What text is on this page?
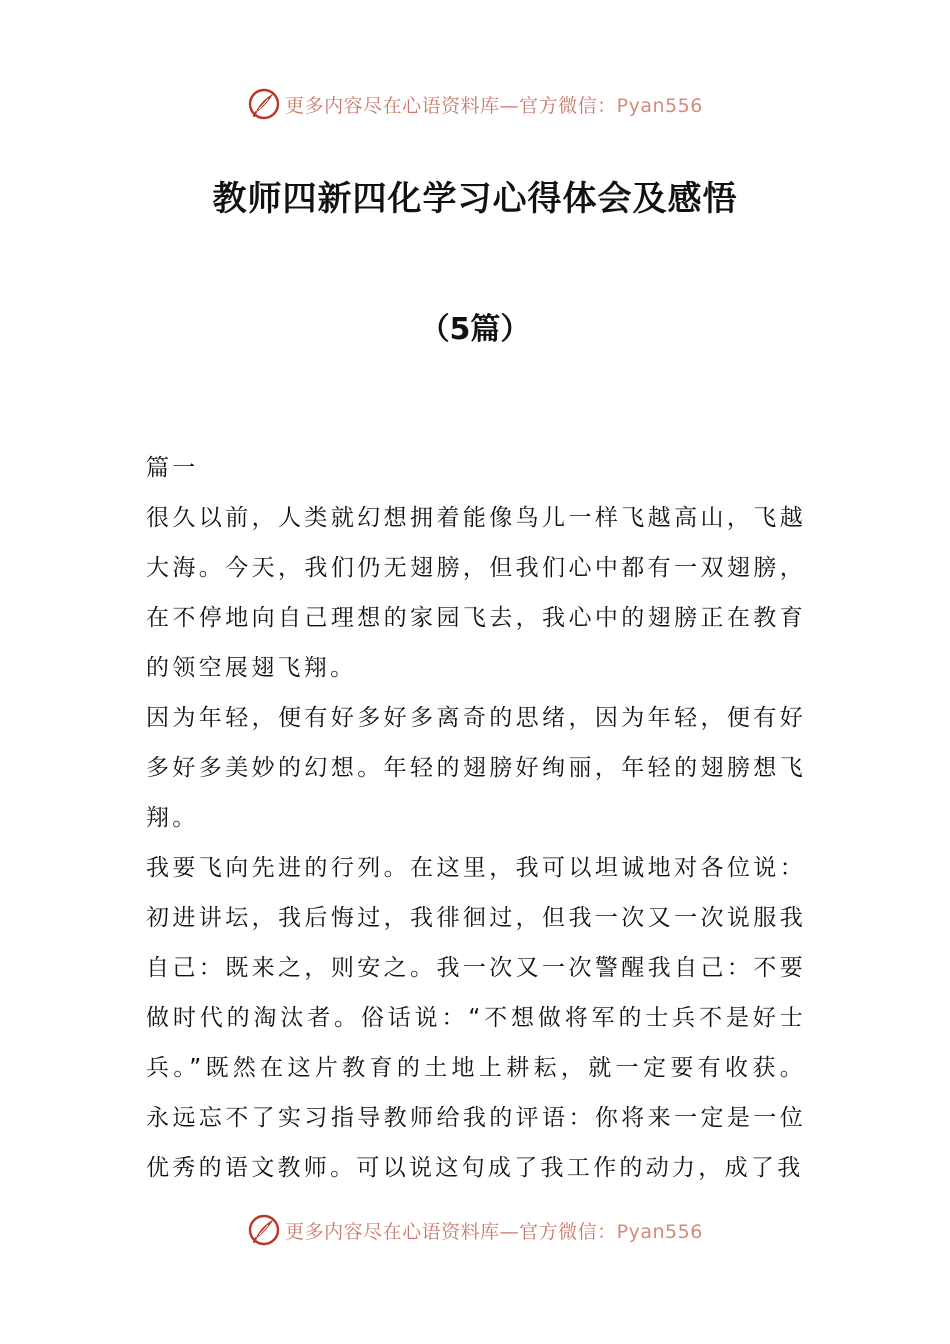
更多内容尽在心语资料库—官方微信：Pyan556
教师四新四化学习心得体会及感悟
（5篇）

篇一

很久以前，人类就幻想拥着能像鸟儿一样飞越高山，飞越大海。今天，我们仍无翅膀，但我们心中都有一双翅膀，在不停地向自己理想的家园飞去，我心中的翅膀正在教育的领空展翅飞翔。

因为年轻，便有好多好多离奇的思绪，因为年轻，便有好多好多美妙的幻想。年轻的翅膀好绚丽，年轻的翅膀想飞翔。

我要飞向先进的行列。在这里，我可以坦诚地对各位说：初进讲坛，我后悔过，我徘徊过，但我一次又一次说服我自己：既来之，则安之。我一次又一次警醒我自己：不要做时代的淘汰者。俗话说：“不想做将军的士兵不是好士兵。”既然在这片教育的土地上耕耘，就一定要有收获。永远忘不了实习指导教师给我的评语：你将来一定是一位优秀的语文教师。可以说这句成了我工作的动力，成了我

更多内容尽在心语资料库—官方微信：Pyan556
